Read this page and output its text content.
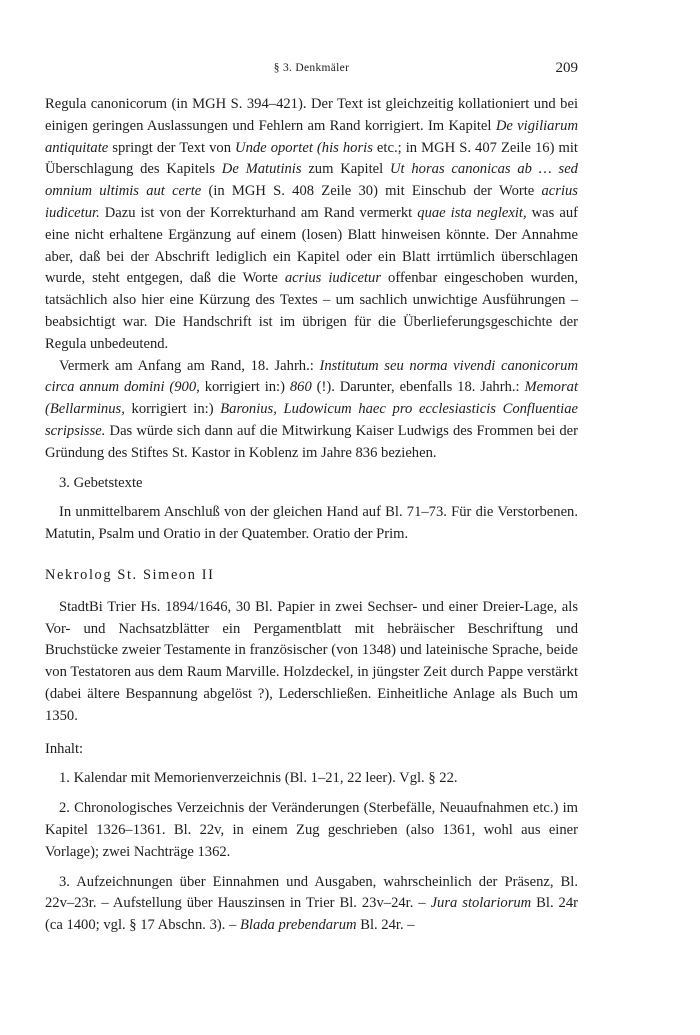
§ 3. Denkmäler	209

Regula canonicorum (in MGH S. 394–421). Der Text ist gleichzeitig kollationiert und bei einigen geringen Auslassungen und Fehlern am Rand korrigiert. Im Kapitel De vigiliarum antiquitate springt der Text von Unde oportet (his horis etc.; in MGH S. 407 Zeile 16) mit Überschlagung des Kapitels De Matutinis zum Kapitel Ut horas canonicas ab … sed omnium ultimis aut certe (in MGH S. 408 Zeile 30) mit Einschub der Worte acrius iudicetur. Dazu ist von der Korrekturhand am Rand vermerkt quae ista neglexit, was auf eine nicht erhaltene Ergänzung auf einem (losen) Blatt hinweisen könnte. Der Annahme aber, daß bei der Abschrift lediglich ein Kapitel oder ein Blatt irrtümlich überschlagen wurde, steht entgegen, daß die Worte acrius iudicetur offenbar eingeschoben wurden, tatsächlich also hier eine Kürzung des Textes – um sachlich unwichtige Ausführungen – beabsichtigt war. Die Handschrift ist im übrigen für die Überlieferungsgeschichte der Regula unbedeutend.

Vermerk am Anfang am Rand, 18. Jahrh.: Institutum seu norma vivendi canonicorum circa annum domini (900, korrigiert in:) 860 (!). Darunter, ebenfalls 18. Jahrh.: Memorat (Bellarminus, korrigiert in:) Baronius, Ludowicum haec pro ecclesiasticis Confluentiae scripsisse. Das würde sich dann auf die Mitwirkung Kaiser Ludwigs des Frommen bei der Gründung des Stiftes St. Kastor in Koblenz im Jahre 836 beziehen.

3. Gebetstexte

In unmittelbarem Anschluß von der gleichen Hand auf Bl. 71–73. Für die Verstorbenen. Matutin, Psalm und Oratio in der Quatember. Oratio der Prim.

Nekrolog St. Simeon II

StadtBi Trier Hs. 1894/1646, 30 Bl. Papier in zwei Sechser- und einer Dreier-Lage, als Vor- und Nachsatzblätter ein Pergamentblatt mit hebräischer Beschriftung und Bruchstücke zweier Testamente in französischer (von 1348) und lateinische Sprache, beide von Testatoren aus dem Raum Marville. Holzdeckel, in jüngster Zeit durch Pappe verstärkt (dabei ältere Bespannung abgelöst ?), Lederschließen. Einheitliche Anlage als Buch um 1350.

Inhalt:

1. Kalendar mit Memorienverzeichnis (Bl. 1–21, 22 leer). Vgl. § 22.

2. Chronologisches Verzeichnis der Veränderungen (Sterbefälle, Neuaufnahmen etc.) im Kapitel 1326–1361. Bl. 22v, in einem Zug geschrieben (also 1361, wohl aus einer Vorlage); zwei Nachträge 1362.

3. Aufzeichnungen über Einnahmen und Ausgaben, wahrscheinlich der Präsenz, Bl. 22v–23r. – Aufstellung über Hauszinsen in Trier Bl. 23v–24r. – Jura stolariorum Bl. 24r (ca 1400; vgl. § 17 Abschn. 3). – Blada prebendarum Bl. 24r. –
